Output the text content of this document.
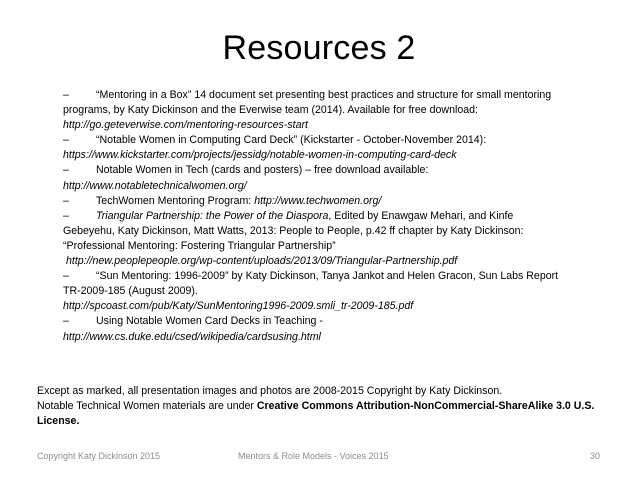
Resources 2
–	“Mentoring in a Box” 14 document set presenting best practices and structure for small mentoring
programs, by Katy Dickinson and the Everwise team (2014). Available for free download:
http://go.geteverwise.com/mentoring-resources-start
–	“Notable Women in Computing Card Deck” (Kickstarter - October-November 2014):
https://www.kickstarter.com/projects/jessidg/notable-women-in-computing-card-deck
–	Notable Women in Tech (cards and posters) – free download available:
http://www.notabletechnicalwomen.org/
–	TechWomen Mentoring Program: http://www.techwomen.org/
–	Triangular Partnership: the Power of the Diaspora, Edited by Enawgaw Mehari, and Kinfe
Gebeyehu, Katy Dickinson, Matt Watts, 2013: People to People, p.42 ff chapter by Katy Dickinson:
“Professional Mentoring: Fostering Triangular Partnership”
http://new.peoplepeople.org/wp-content/uploads/2013/09/Triangular-Partnership.pdf
–	“Sun Mentoring: 1996-2009” by Katy Dickinson, Tanya Jankot and Helen Gracon, Sun Labs Report
TR-2009-185 (August 2009).
http://spcoast.com/pub/Katy/SunMentoring1996-2009.smli_tr-2009-185.pdf
–	Using Notable Women Card Decks in Teaching -
http://www.cs.duke.edu/csed/wikipedia/cardsusing.html
Except as marked, all presentation images and photos are 2008-2015 Copyright by Katy Dickinson.
Notable Technical Women materials are under Creative Commons Attribution-NonCommercial-ShareAlike 3.0 U.S. License.
Copyright Katy Dickinson 2015	Mentors & Role Models - Voices 2015	30
